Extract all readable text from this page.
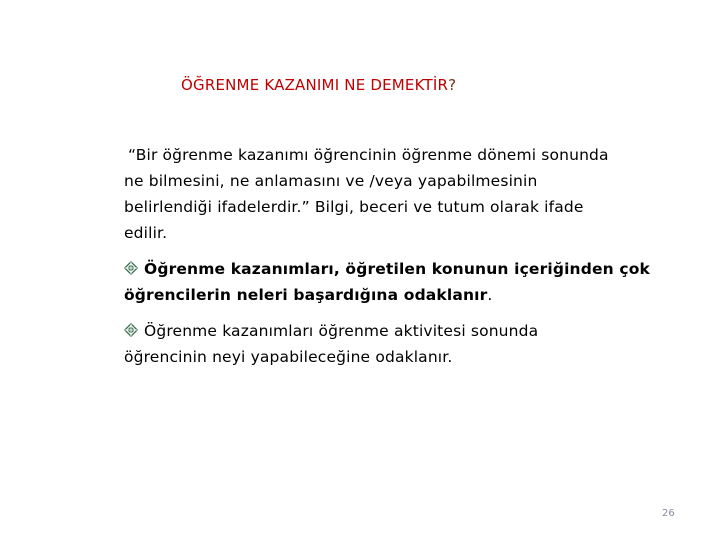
ÖĞRENME KAZANIMI NE DEMEKTİR?
“Bir öğrenme kazanımı öğrencinin öğrenme dönemi sonunda
ne bilmesini, ne anlamasını ve /veya yapabilmesinin
belirlendiği ifadelerdir.” Bilgi, beceri ve tutum olarak ifade
edilir.
Öğrenme kazanımları, öğretilen konunun içeriğinden çok
öğrencilerin neleri başardığına odaklanır.
Öğrenme kazanımları öğrenme aktivitesi sonunda
öğrencinin neyi yapabileceğine odaklanır.
26
